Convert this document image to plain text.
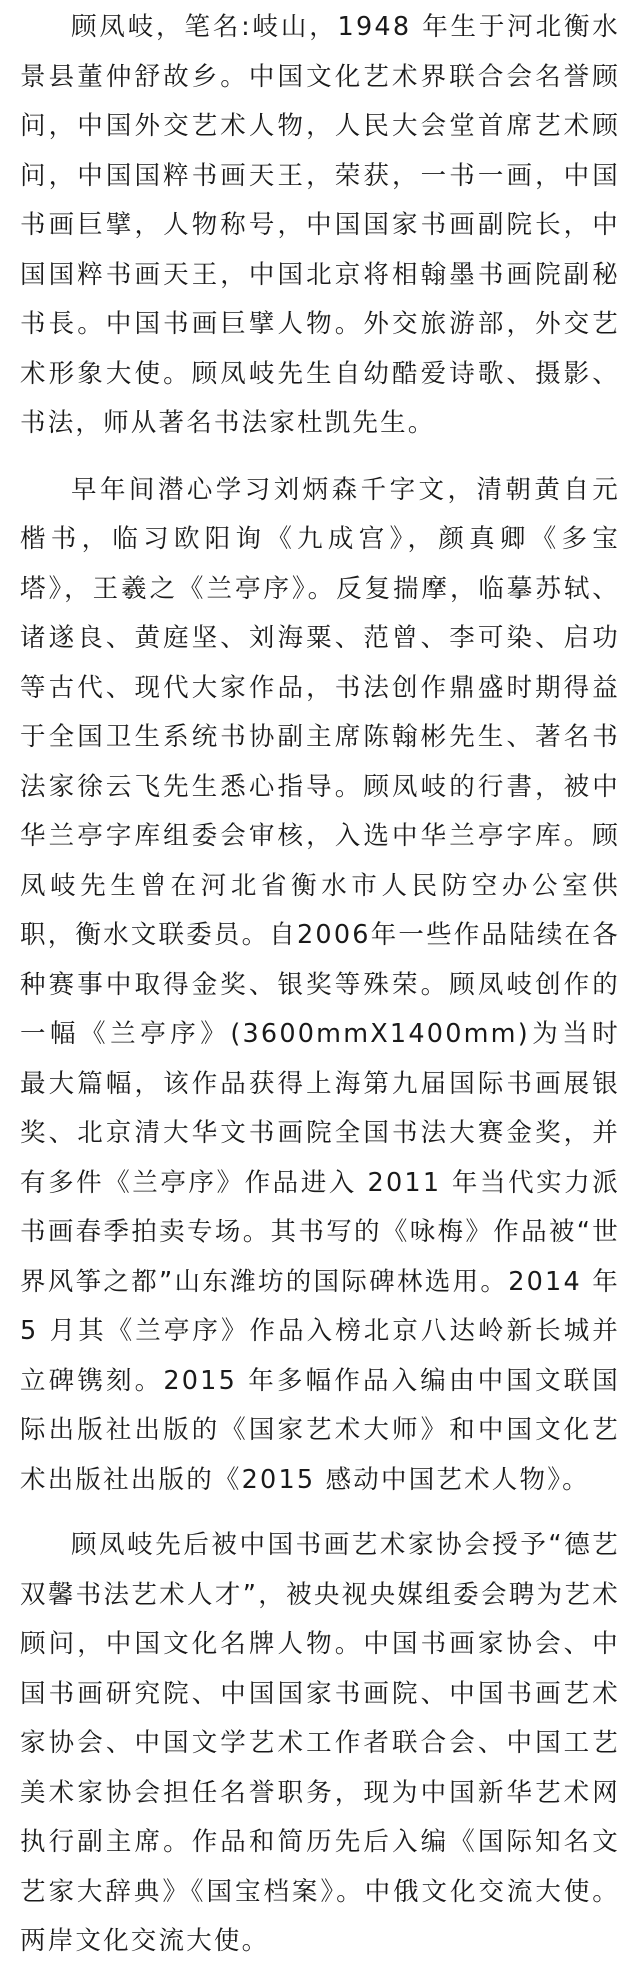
顾凤岐，笔名:岐山，1948 年生于河北衡水景县董仲舒故乡。中国文化艺术界联合会名誉顾问，中国外交艺术人物，人民大会堂首席艺术顾问，中国国粹书画天王，荣获，一书一画，中国书画巨擘，人物称号，中国国家书画副院长，中国国粹书画天王，中国北京将相翰墨书画院副秘书長。中国书画巨擘人物。外交旅游部，外交艺术形象大使。顾凤岐先生自幼酷爱诗歌、摄影、书法，师从著名书法家杜凯先生。

早年间潜心学习刘炳森千字文，清朝黄自元楷书，临习欧阳询《九成宫》，颜真卿《多宝塔》，王羲之《兰亭序》。反复揣摩，临摹苏轼、诸遂良、黄庭坚、刘海粟、范曾、李可染、启功等古代、现代大家作品，书法创作鼎盛时期得益于全国卫生系统书协副主席陈翰彬先生、著名书法家徐云飞先生悉心指导。顾凤岐的行書，被中华兰亭字库组委会审核，入选中华兰亭字库。顾凤岐先生曾在河北省衡水市人民防空办公室供职，衡水文联委员。自2006年一些作品陆续在各种赛事中取得金奖、银奖等殊荣。顾凤岐创作的一幅《兰亭序》(3600mmX1400mm)为当时最大篇幅，该作品获得上海第九届国际书画展银奖、北京清大华文书画院全国书法大赛金奖，并有多件《兰亭序》作品进入 2011 年当代实力派书画春季拍卖专场。其书写的《咏梅》作品被“世界风筝之都”山东潍坊的国际碑林选用。2014 年 5 月其《兰亭序》作品入榜北京八达岭新长城并立碑镌刻。2015 年多幅作品入编由中国文联国际出版社出版的《国家艺术大师》和中国文化艺术出版社出版的《2015 感动中国艺术人物》。

顾凤岐先后被中国书画艺术家协会授予“德艺双馨书法艺术人才”，被央视央媒组委会聘为艺术顾问，中国文化名牌人物。中国书画家协会、中国书画研究院、中国国家书画院、中国书画艺术家协会、中国文学艺术工作者联合会、中国工艺美术家协会担任名誉职务，现为中国新华艺术网执行副主席。作品和简历先后入编《国际知名文艺家大辞典》《国宝档案》。中俄文化交流大使。两岸文化交流大使。
